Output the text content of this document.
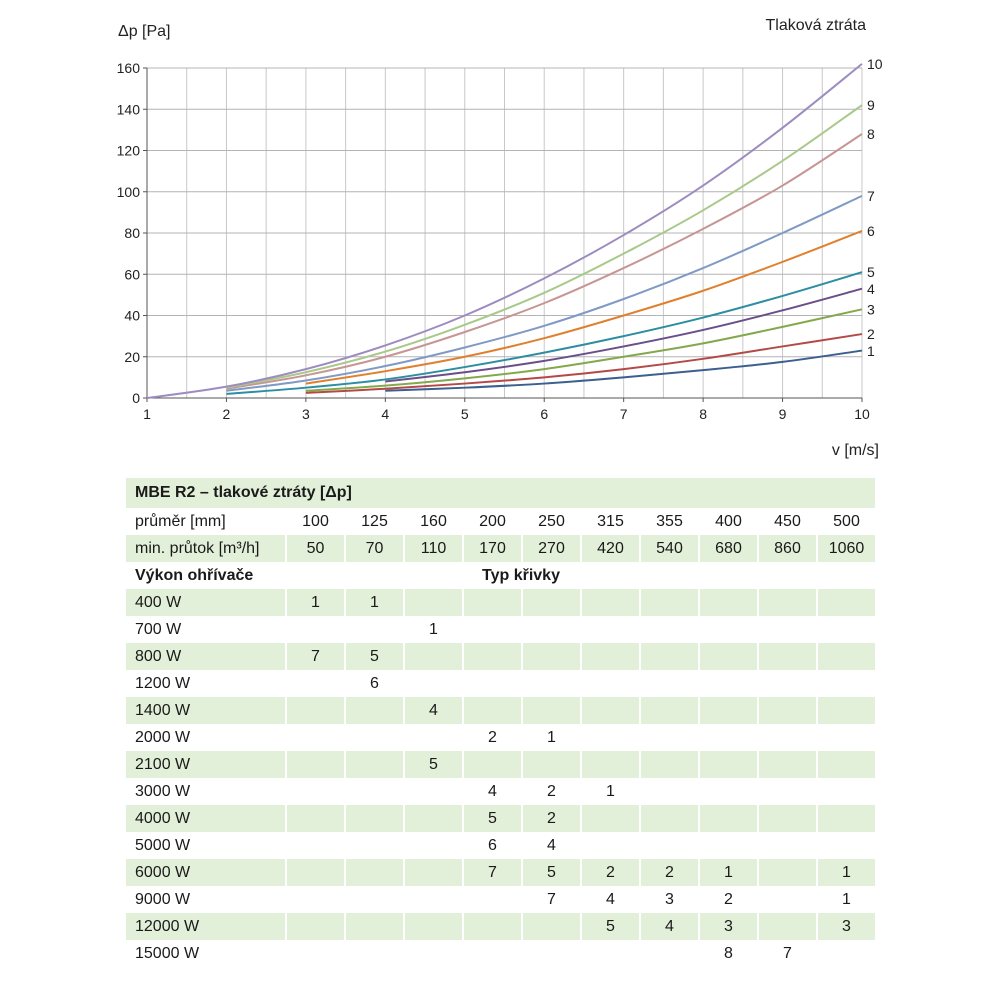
Tlaková ztráta
Δp [Pa]
v [m/s]
0
20
40
60
80
100
120
140
160
1	2	3	4	5	6	7	8	9	10
1
2
3
4
5
6
7
8
9
10
MBE R2 – tlakové ztráty [Δp]										

průměr [mm]	100	125	160	200	250	315	355	400	450	500
min. průtok [m³/h]	50	70	110	170	270	420	540	680	860	1060
Výkon ohřívače				Typ křivky						
400 W	1	1								
700 W			1							
800 W	7	5								
1200 W		6								
1400 W			4							
2000 W				2	1					
2100 W			5							
3000 W				4	2	1				
4000 W				5	2					
5000 W				6	4					
6000 W				7	5	2	2	1		1
9000 W					7	4	3	2		1
12000 W						5	4	3		3
15000 W								8	7	
